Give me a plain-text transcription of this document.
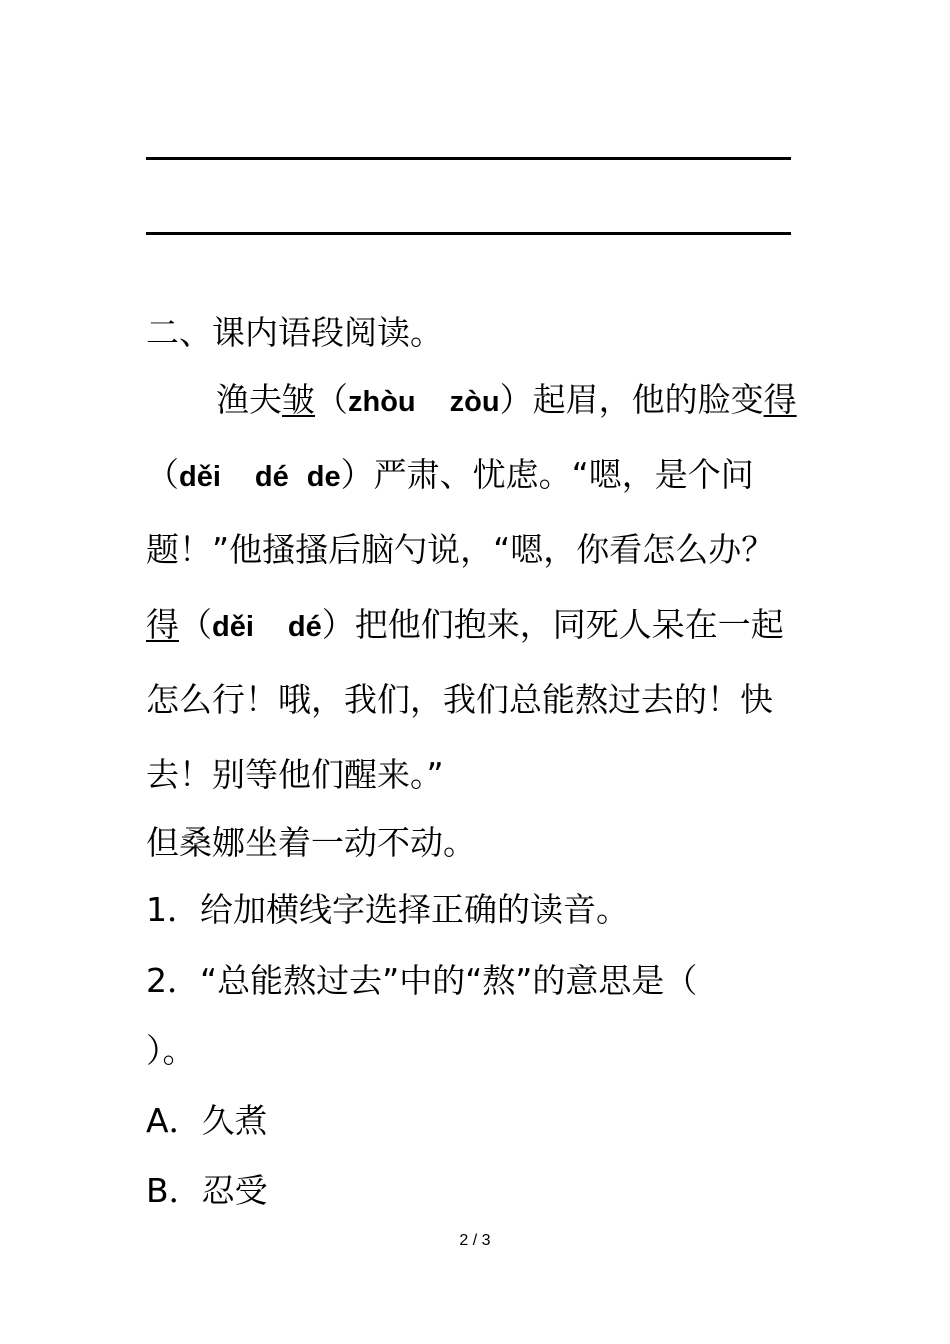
二、课内语段阅读。
渔夫皱（zhòu zòu）起眉，他的脸变得
（děi dé de）严肃、忧虑。“嗯，是个问
题！”他搔搔后脑勺说，“嗯，你看怎么办？
得（děi dé）把他们抱来，同死人呆在一起
怎么行！哦，我们，我们总能熬过去的！快
去！别等他们醒来。”
但桑娜坐着一动不动。
1．给加横线字选择正确的读音。
2．“总能熬过去”中的“熬”的意思是（
）。
A．久煮
B．忍受
2 / 3
